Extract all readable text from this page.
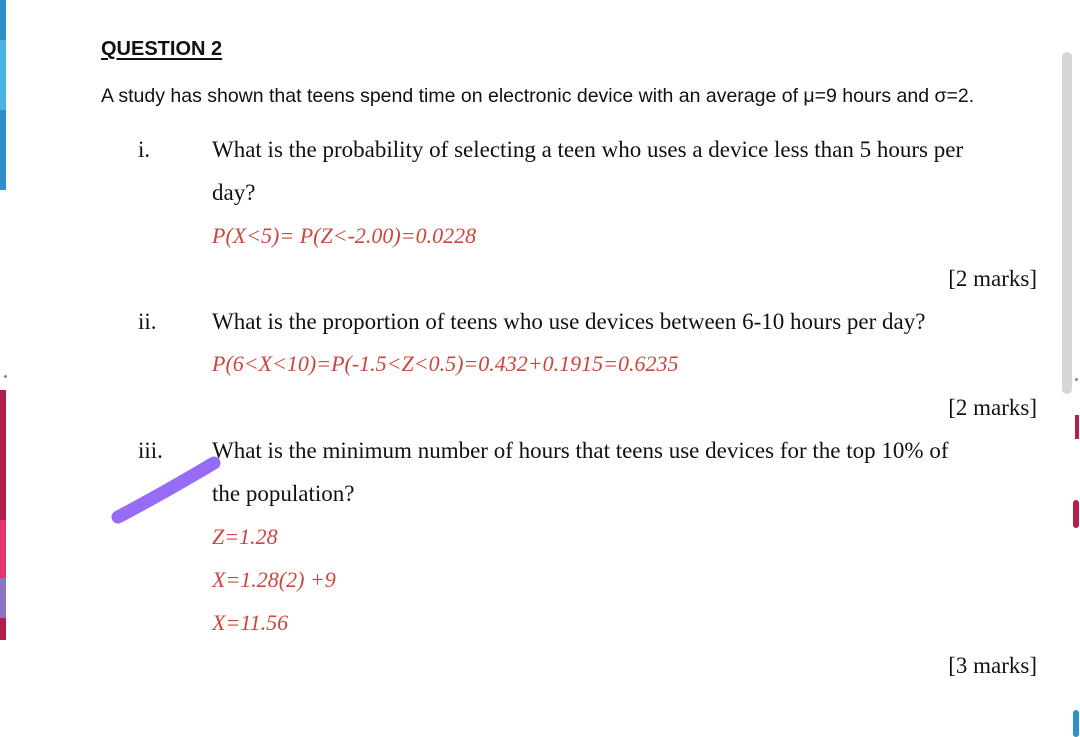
QUESTION 2
A study has shown that teens spend time on electronic device with an average of μ=9 hours and σ=2.
i.	What is the probability of selecting a teen who uses a device less than 5 hours per
day?
P(X<5)= P(Z<-2.00)=0.0228
[2 marks]
ii. What is the proportion of teens who use devices between 6-10 hours per day?
P(6<X<10)=P(-1.5<Z<0.5)=0.432+0.1915=0.6235
[2 marks]
iii. What is the minimum number of hours that teens use devices for the top 10% of
the population?
Z=1.28
X=1.28(2) +9
X=11.56
[3 marks]
